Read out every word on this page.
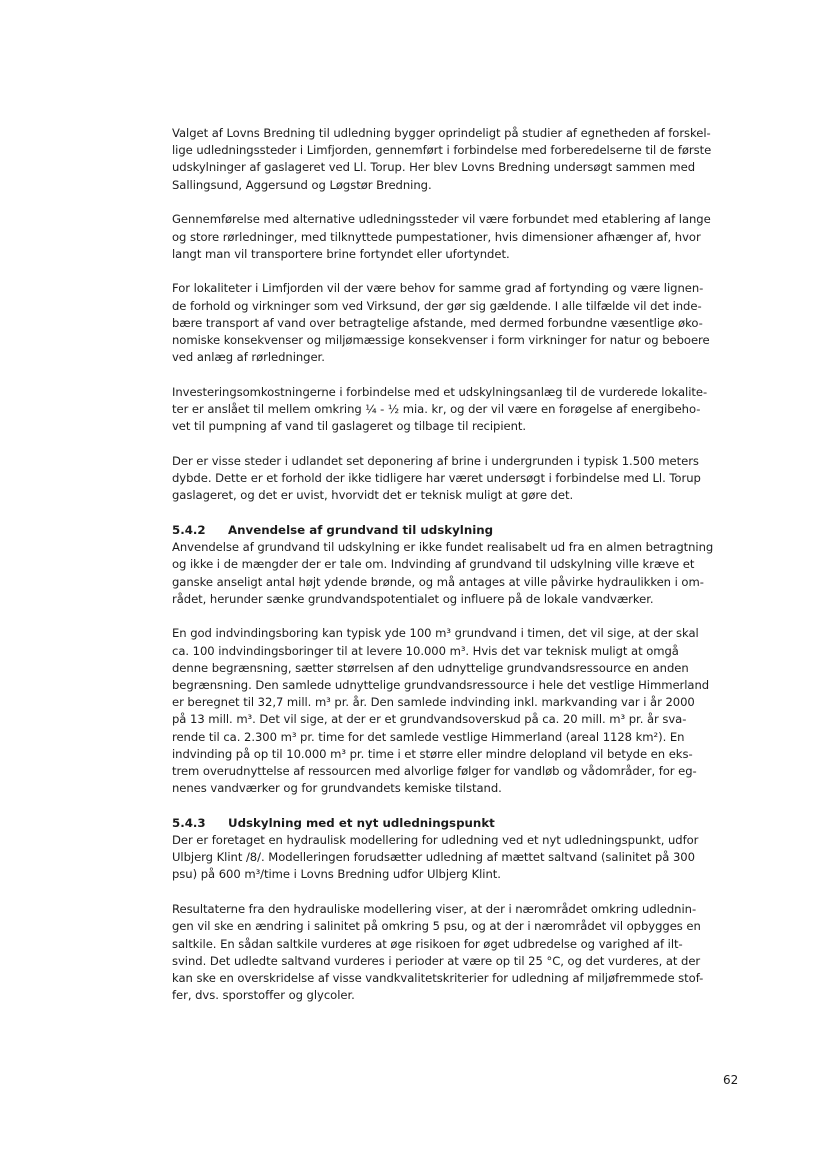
Valget af Lovns Bredning til udledning bygger oprindeligt på studier af egnetheden af forskel-
lige udledningssteder i Limfjorden, gennemført i forbindelse med forberedelserne til de første
udskylninger af gaslageret ved Ll. Torup. Her blev Lovns Bredning undersøgt sammen med
Sallingsund, Aggersund og Løgstør Bredning.
Gennemførelse med alternative udledningssteder vil være forbundet med etablering af lange
og store rørledninger, med tilknyttede pumpestationer, hvis dimensioner afhænger af, hvor
langt man vil transportere brine fortyndet eller ufortyndet.
For lokaliteter i Limfjorden vil der være behov for samme grad af fortynding og være lignen-
de forhold og virkninger som ved Virksund, der gør sig gældende. I alle tilfælde vil det inde-
bære transport af vand over betragtelige afstande, med dermed forbundne væsentlige øko-
nomiske konsekvenser og miljømæssige konsekvenser i form virkninger for natur og beboere
ved anlæg af rørledninger.
Investeringsomkostningerne i forbindelse med et udskylningsanlæg til de vurderede lokalite-
ter er anslået til mellem omkring ¼ - ½ mia. kr, og der vil være en forøgelse af energibeho-
vet til pumpning af vand til gaslageret og tilbage til recipient.
Der er visse steder i udlandet set deponering af brine i undergrunden i typisk 1.500 meters
dybde. Dette er et forhold der ikke tidligere har været undersøgt i forbindelse med Ll. Torup
gaslageret, og det er uvist, hvorvidt det er teknisk muligt at gøre det.
5.4.2 Anvendelse af grundvand til udskylning
Anvendelse af grundvand til udskylning er ikke fundet realisabelt ud fra en almen betragtning
og ikke i de mængder der er tale om. Indvinding af grundvand til udskylning ville kræve et
ganske anseligt antal højt ydende brønde, og må antages at ville påvirke hydraulikken i om-
rådet, herunder sænke grundvandspotentialet og influere på de lokale vandværker.
En god indvindingsboring kan typisk yde 100 m³ grundvand i timen, det vil sige, at der skal
ca. 100 indvindingsboringer til at levere 10.000 m³. Hvis det var teknisk muligt at omgå
denne begrænsning, sætter størrelsen af den udnyttelige grundvandsressource en anden
begrænsning. Den samlede udnyttelige grundvandsressource i hele det vestlige Himmerland
er beregnet til 32,7 mill. m³ pr. år. Den samlede indvinding inkl. markvanding var i år 2000
på 13 mill. m³. Det vil sige, at der er et grundvandsoverskud på ca. 20 mill. m³ pr. år sva-
rende til ca. 2.300 m³ pr. time for det samlede vestlige Himmerland (areal 1128 km²). En
indvinding på op til 10.000 m³ pr. time i et større eller mindre delopland vil betyde en eks-
trem overudnyttelse af ressourcen med alvorlige følger for vandløb og vådområder, for eg-
nenes vandværker og for grundvandets kemiske tilstand.
5.4.3 Udskylning med et nyt udledningspunkt
Der er foretaget en hydraulisk modellering for udledning ved et nyt udledningspunkt, udfor
Ulbjerg Klint /8/. Modelleringen forudsætter udledning af mættet saltvand (salinitet på 300
psu) på 600 m³/time i Lovns Bredning udfor Ulbjerg Klint.
Resultaterne fra den hydrauliske modellering viser, at der i nærområdet omkring udlednin-
gen vil ske en ændring i salinitet på omkring 5 psu, og at der i nærområdet vil opbygges en
saltkile. En sådan saltkile vurderes at øge risikoen for øget udbredelse og varighed af ilt-
svind. Det udledte saltvand vurderes i perioder at være op til 25 °C, og det vurderes, at der
kan ske en overskridelse af visse vandkvalitetskriterier for udledning af miljøfremmede stof-
fer, dvs. sporstoffer og glycoler.
62
